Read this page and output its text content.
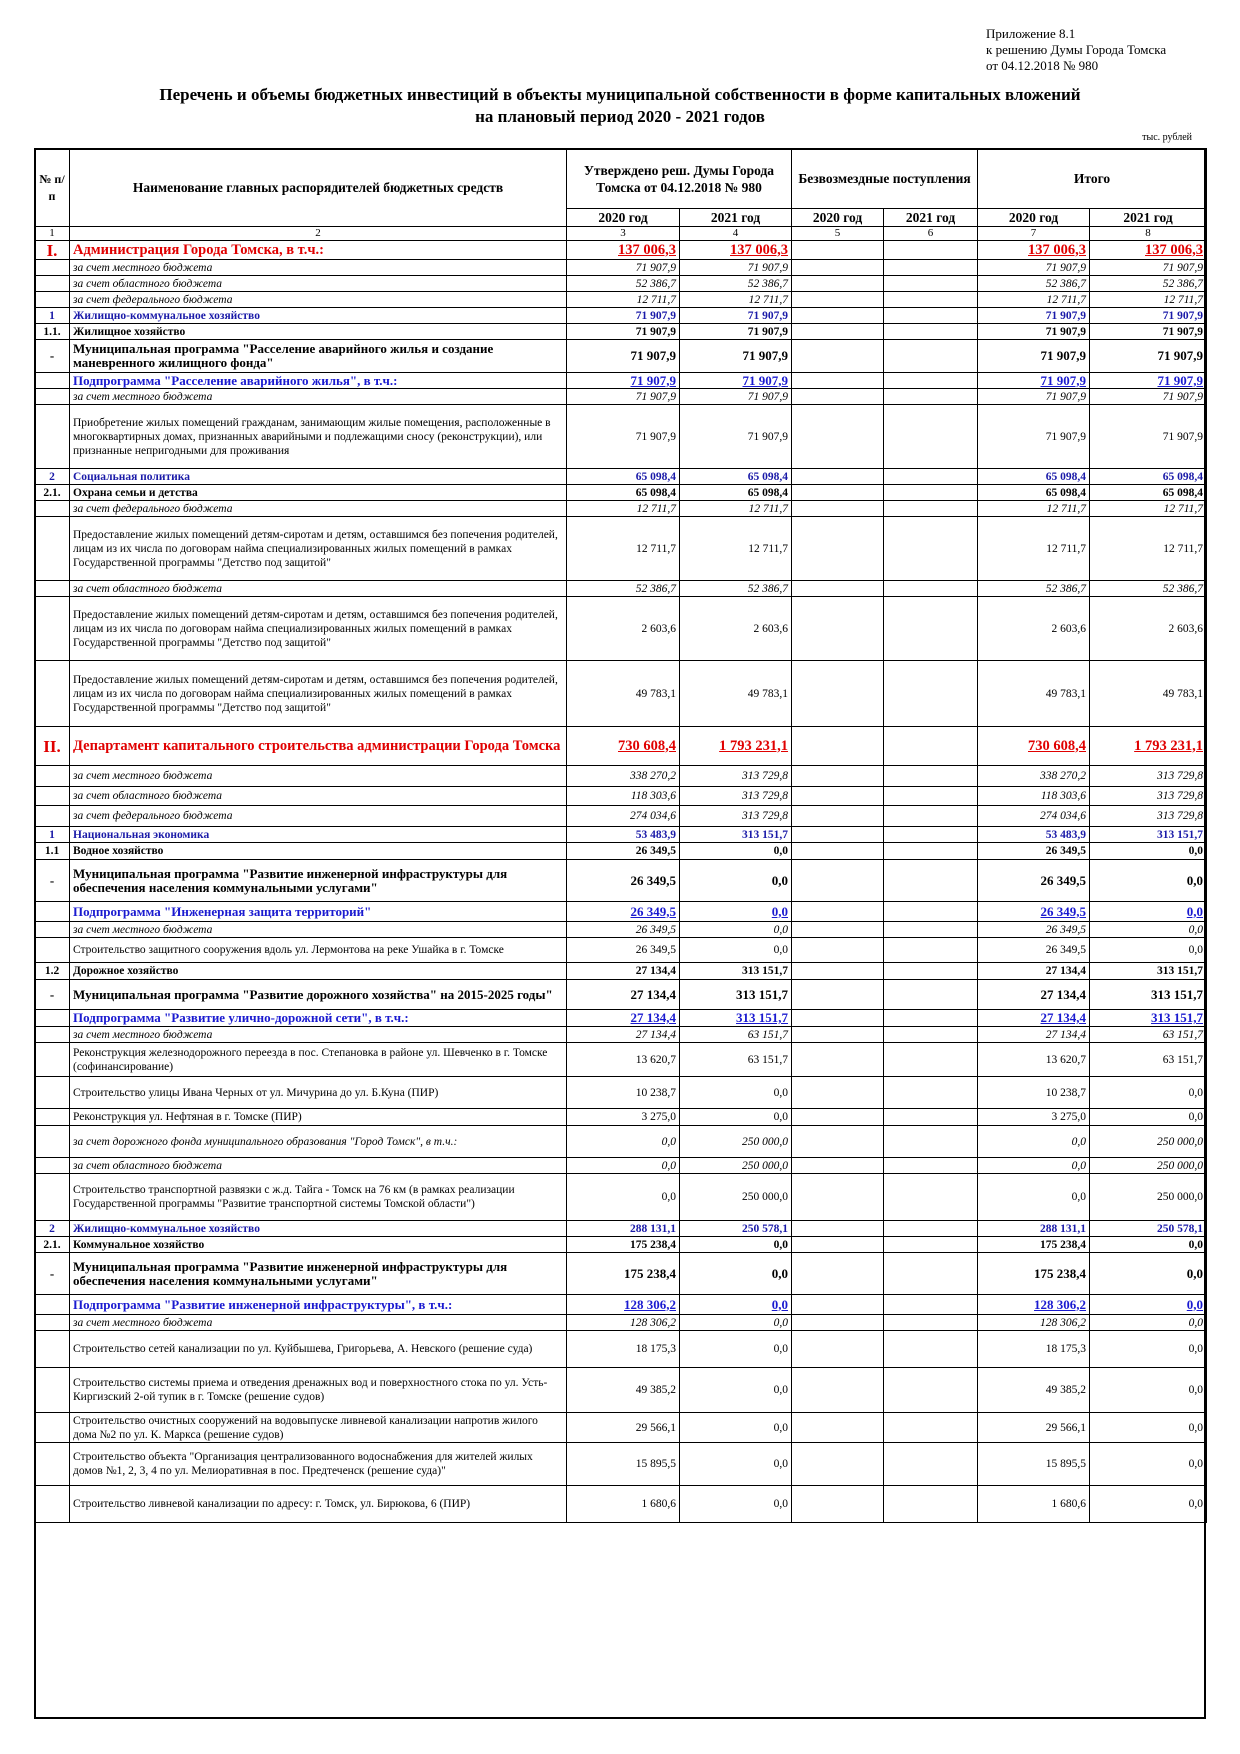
Приложение 8.1
к решению Думы Города Томска
от 04.12.2018 № 980
Перечень и объемы бюджетных инвестиций в объекты муниципальной собственности в форме капитальных вложений
на плановый период 2020 - 2021 годов
тыс. рублей
№ п/п	Наименование главных распорядителей бюджетных средств	Утверждено реш. Думы Города Томска от 04.12.2018 № 980		Безвозмездные поступления		Итого	
		2020 год	2021 год	2020 год	2021 год	2020 год	2021 год
1	2	3	4	5	6	7	8
I.	Администрация Города Томска, в т.ч.:	137 006,3	137 006,3			137 006,3	137 006,3
	за счет местного бюджета	71 907,9	71 907,9			71 907,9	71 907,9
	за счет областного бюджета	52 386,7	52 386,7			52 386,7	52 386,7
	за счет федерального бюджета	12 711,7	12 711,7			12 711,7	12 711,7
1	Жилищно-коммунальное хозяйство	71 907,9	71 907,9			71 907,9	71 907,9
1.1.	Жилищное хозяйство	71 907,9	71 907,9			71 907,9	71 907,9
-	Муниципальная программа "Расселение аварийного жилья и создание маневренного жилищного фонда"	71 907,9	71 907,9			71 907,9	71 907,9
	Подпрограмма "Расселение аварийного жилья", в т.ч.:	71 907,9	71 907,9			71 907,9	71 907,9
	за счет местного бюджета	71 907,9	71 907,9			71 907,9	71 907,9
	Приобретение жилых помещений гражданам, занимающим жилые помещения, расположенные в многоквартирных домах, признанных аварийными и подлежащими сносу (реконструкции), или признанные непригодными для проживания	71 907,9	71 907,9			71 907,9	71 907,9
2	Социальная политика	65 098,4	65 098,4			65 098,4	65 098,4
2.1.	Охрана семьи и детства	65 098,4	65 098,4			65 098,4	65 098,4
	за счет федерального бюджета	12 711,7	12 711,7			12 711,7	12 711,7
	Предоставление жилых помещений детям-сиротам и детям, оставшимся без попечения родителей, лицам из их числа по договорам найма специализированных жилых помещений в рамках Государственной программы "Детство под защитой"	12 711,7	12 711,7			12 711,7	12 711,7
	за счет областного бюджета	52 386,7	52 386,7			52 386,7	52 386,7
	Предоставление жилых помещений детям-сиротам и детям, оставшимся без попечения родителей, лицам из их числа по договорам найма специализированных жилых помещений в рамках Государственной программы "Детство под защитой"	2 603,6	2 603,6			2 603,6	2 603,6
	Предоставление жилых помещений детям-сиротам и детям, оставшимся без попечения родителей, лицам из их числа по договорам найма специализированных жилых помещений в рамках Государственной программы "Детство под защитой"	49 783,1	49 783,1			49 783,1	49 783,1
II.	Департамент капитального строительства администрации Города Томска	730 608,4	1 793 231,1			730 608,4	1 793 231,1
	за счет местного бюджета	338 270,2	313 729,8			338 270,2	313 729,8
	за счет областного бюджета	118 303,6	313 729,8			118 303,6	313 729,8
	за счет федерального бюджета	274 034,6	313 729,8			274 034,6	313 729,8
1	Национальная экономика	53 483,9	313 151,7			53 483,9	313 151,7
1.1	Водное хозяйство	26 349,5	0,0			26 349,5	0,0
-	Муниципальная программа "Развитие инженерной инфраструктуры для обеспечения населения коммунальными услугами"	26 349,5	0,0			26 349,5	0,0
	Подпрограмма "Инженерная защита территорий"	26 349,5	0,0			26 349,5	0,0
	за счет местного бюджета	26 349,5	0,0			26 349,5	0,0
	Строительство защитного сооружения вдоль ул. Лермонтова на реке Ушайка в г. Томске	26 349,5	0,0			26 349,5	0,0
1.2	Дорожное хозяйство	27 134,4	313 151,7			27 134,4	313 151,7
-	Муниципальная программа "Развитие дорожного хозяйства" на 2015-2025 годы"	27 134,4	313 151,7			27 134,4	313 151,7
	Подпрограмма "Развитие улично-дорожной сети", в т.ч.:	27 134,4	313 151,7			27 134,4	313 151,7
	за счет местного бюджета	27 134,4	63 151,7			27 134,4	63 151,7
	Реконструкция железнодорожного переезда в пос. Степановка в районе ул. Шевченко в г. Томске (софинансирование)	13 620,7	63 151,7			13 620,7	63 151,7
	Строительство улицы Ивана Черных от ул. Мичурина до ул. Б.Куна (ПИР)	10 238,7	0,0			10 238,7	0,0
	Реконструкция ул. Нефтяная в г. Томске (ПИР)	3 275,0	0,0			3 275,0	0,0
	за счет дорожного фонда муниципального образования "Город Томск", в т.ч.:	0,0	250 000,0			0,0	250 000,0
	за счет областного бюджета	0,0	250 000,0			0,0	250 000,0
	Строительство транспортной развязки с ж.д. Тайга - Томск на 76 км (в рамках реализации Государственной программы "Развитие транспортной системы Томской области")	0,0	250 000,0			0,0	250 000,0
2	Жилищно-коммунальное хозяйство	288 131,1	250 578,1			288 131,1	250 578,1
2.1.	Коммунальное хозяйство	175 238,4	0,0			175 238,4	0,0
-	Муниципальная программа "Развитие инженерной инфраструктуры для обеспечения населения коммунальными услугами"	175 238,4	0,0			175 238,4	0,0
	Подпрограмма "Развитие инженерной инфраструктуры", в т.ч.:	128 306,2	0,0			128 306,2	0,0
	за счет местного бюджета	128 306,2	0,0			128 306,2	0,0
	Строительство сетей канализации по ул. Куйбышева, Григорьева, А. Невского (решение суда)	18 175,3	0,0			18 175,3	0,0
	Строительство системы приема и отведения дренажных вод и поверхностного стока по ул. Усть-Киргизский 2-ой тупик в г. Томске (решение судов)	49 385,2	0,0			49 385,2	0,0
	Строительство очистных сооружений на водовыпуске ливневой канализации напротив жилого дома №2 по ул. К. Маркса (решение судов)	29 566,1	0,0			29 566,1	0,0
	Строительство объекта "Организация централизованного водоснабжения для жителей жилых домов №1, 2, 3, 4 по ул. Мелиоративная в пос. Предтеченск (решение суда)"	15 895,5	0,0			15 895,5	0,0
	Строительство ливневой канализации по адресу: г. Томск, ул. Бирюкова, 6 (ПИР)	1 680,6	0,0			1 680,6	0,0
